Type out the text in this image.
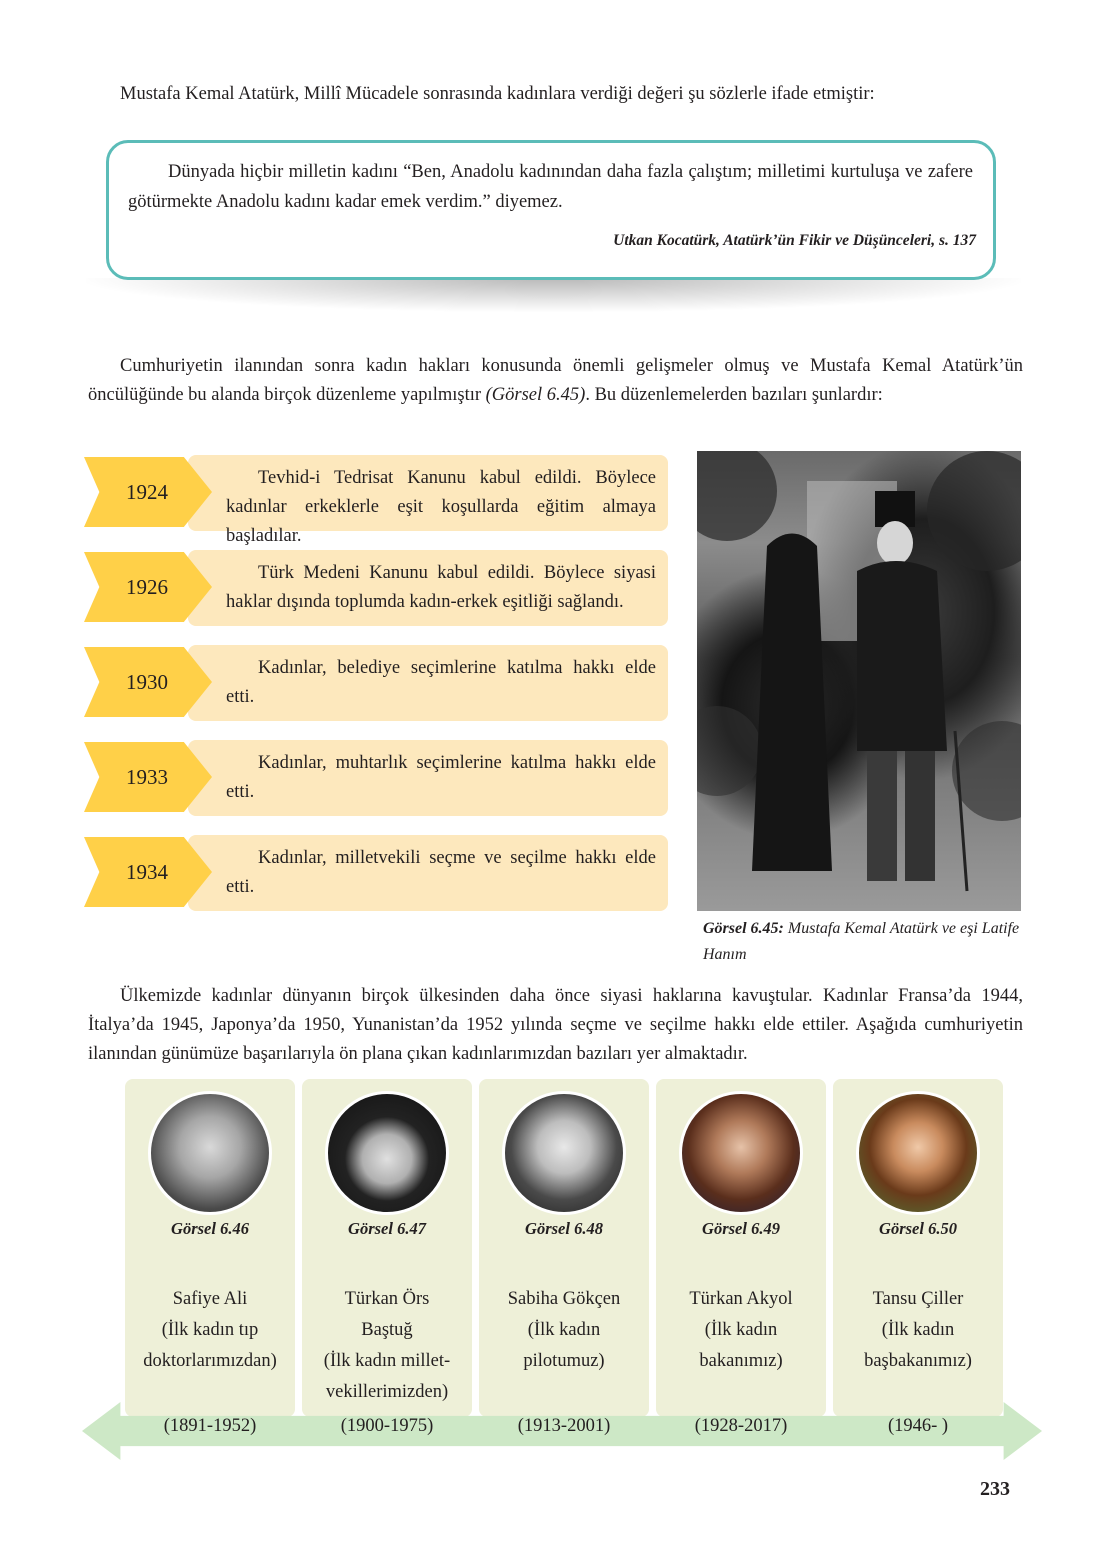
Mustafa Kemal Atatürk, Millî Mücadele sonrasında kadınlara verdiği değeri şu sözlerle ifade etmiştir:

Dünyada hiçbir milletin kadını “Ben, Anadolu kadınından daha fazla çalıştım; milletimi kurtuluşa ve zafere götürmekte Anadolu kadını kadar emek verdim.” diyemez.

Utkan Kocatürk, Atatürk’ün Fikir ve Düşünceleri, s. 137

Cumhuriyetin ilanından sonra kadın hakları konusunda önemli gelişmeler olmuş ve Mustafa Kemal Atatürk’ün öncülüğünde bu alanda birçok düzenleme yapılmıştır (Görsel 6.45). Bu düzenlemelerden bazıları şunlardır:

1924
Tevhid-i Tedrisat Kanunu kabul edildi. Böylece kadınlar erkeklerle eşit koşullarda eğitim almaya başladılar.
1926
Türk Medeni Kanunu kabul edildi. Böylece siyasi haklar dışında toplumda kadın-erkek eşitliği sağlandı.
1930
Kadınlar, belediye seçimlerine katılma hakkı elde etti.
1933
Kadınlar, muhtarlık seçimlerine katılma hakkı elde etti.
1934
Kadınlar, milletvekili seçme ve seçilme hakkı elde etti.
Görsel 6.45: Mustafa Kemal Atatürk ve eşi Latife Hanım

Ülkemizde kadınlar dünyanın birçok ülkesinden daha önce siyasi haklarına kavuştular. Kadınlar Fransa’da 1944, İtalya’da 1945, Japonya’da 1950, Yunanistan’da 1952 yılında seçme ve seçilme hakkı elde ettiler. Aşağıda cumhuriyetin ilanından günümüze başarılarıyla ön plana çıkan kadınlarımızdan bazıları yer almaktadır.

Görsel 6.46
Safiye Ali
(İlk kadın tıp
doktorlarımızdan)
Görsel 6.47
Türkan Örs
Baştuğ
(İlk kadın millet-
vekillerimizden)
Görsel 6.48
Sabiha Gökçen
(İlk kadın
pilotumuz)
Görsel 6.49
Türkan Akyol
(İlk kadın
bakanımız)
Görsel 6.50
Tansu Çiller
(İlk kadın
başbakanımız)
(1891-1952)	(1900-1975)	(1913-2001)	(1928-2017)	(1946- )
233
